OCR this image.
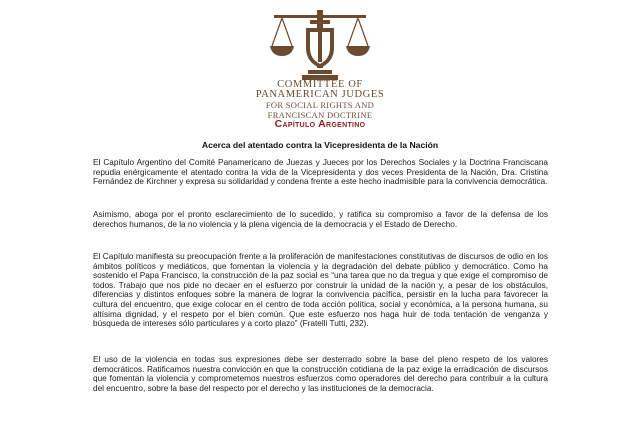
COMMITTEE OF
PANAMERICAN JUDGES
FOR SOCIAL RIGHTS AND
FRANCISCAN DOCTRINE
Capítulo Argentino
Acerca del atentado contra la Vicepresidenta de la Nación

El Capítulo Argentino del Comité Panamericano de Juezas y Jueces por los Derechos Sociales y la Doctrina Franciscana repudia enérgicamente el atentado contra la vida de la Vicepresidenta y dos veces Presidenta de la Nación, Dra. Cristina Fernández de Kirchner y expresa su solidaridad y condena frente a este hecho inadmisible para la convivencia democrática.

Asimismo, aboga por el pronto esclarecimiento de lo sucedido, y ratifica su compromiso a favor de la defensa de los derechos humanos, de la no violencia y la plena vigencia de la democracia y el Estado de Derecho.

El Capítulo manifiesta su preocupación frente a la proliferación de manifestaciones constitutivas de discursos de odio en los ámbitos políticos y mediáticos, que fomentan la violencia y la degradación del debate público y democrático. Como ha sostenido el Papa Francisco, la construcción de la paz social es “una tarea que no da tregua y que exige el compromiso de todos. Trabajo que nos pide no decaer en el esfuerzo por construir la unidad de la nación y, a pesar de los obstáculos, diferencias y distintos enfoques sobre la manera de lograr la convivencia pacífica, persistir en la lucha para favorecer la cultura del encuentro, que exige colocar en el centro de toda acción política, social y económica, a la persona humana, su altísima dignidad, y el respeto por el bien común. Que este esfuerzo nos haga huir de toda tentación de venganza y búsqueda de intereses sólo particulares y a corto plazo” (Fratelli Tutti, 232).

El uso de la violencia en todas sus expresiones debe ser desterrado sobre la base del pleno respeto de los valores democráticos. Ratificamos nuestra convicción en que la construcción cotidiana de la paz exige la erradicación de discursos que fomentan la violencia y comprometemos nuestros esfuerzos como operadores del derecho para contribuir a la cultura del encuentro, sobre la base del respecto por el derecho y las instituciones de la democracia.
